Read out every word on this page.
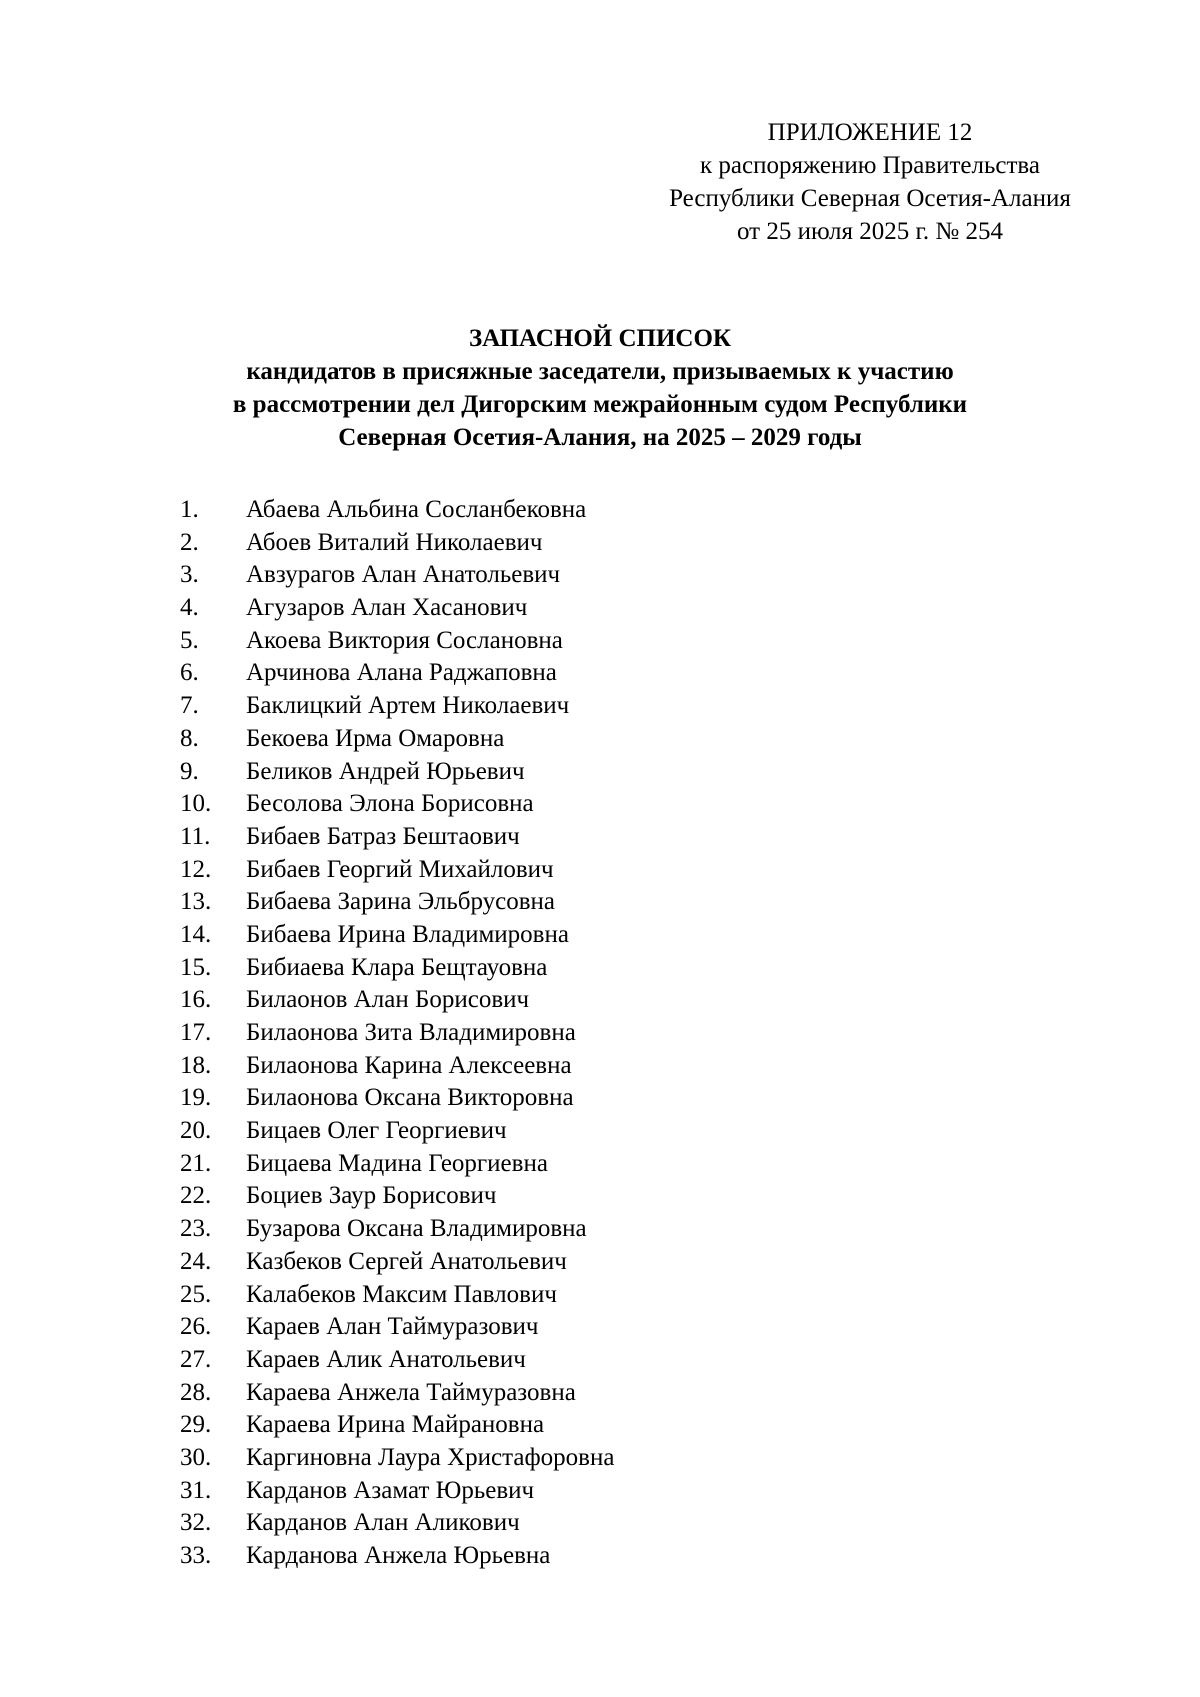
ПРИЛОЖЕНИЕ 12
к распоряжению Правительства
Республики Северная Осетия-Алания
от 25 июля 2025 г. № 254
ЗАПАСНОЙ СПИСОК
кандидатов в присяжные заседатели, призываемых к участию
в рассмотрении дел Дигорским межрайонным судом Республики
Северная Осетия-Алания, на 2025 – 2029 годы
1.	Абаева Альбина Сосланбековна
2.	Абоев Виталий Николаевич
3.	Авзурагов Алан Анатольевич
4.	Агузаров Алан Хасанович
5.	Акоева Виктория Сослановна
6.	Арчинова Алана Раджаповна
7.	Баклицкий Артем Николаевич
8.	Бекоева Ирма Омаровна
9.	Беликов Андрей Юрьевич
10.	Бесолова Элона Борисовна
11.	Бибаев Батраз Бештаович
12.	Бибаев Георгий Михайлович
13.	Бибаева Зарина Эльбрусовна
14.	Бибаева Ирина Владимировна
15.	Бибиаева Клара Бещтауовна
16.	Билаонов Алан Борисович
17.	Билаонова Зита Владимировна
18.	Билаонова Карина Алексеевна
19.	Билаонова Оксана Викторовна
20.	Бицаев Олег Георгиевич
21.	Бицаева Мадина Георгиевна
22.	Боциев Заур Борисович
23.	Бузарова Оксана Владимировна
24.	Казбеков Сергей Анатольевич
25.	Калабеков Максим Павлович
26.	Караев Алан Таймуразович
27.	Караев Алик Анатольевич
28.	Караева Анжела Таймуразовна
29.	Караева Ирина Майрановна
30.	Каргиновна Лаура Христафоровна
31.	Карданов Азамат Юрьевич
32.	Карданов Алан Аликович
33.	Карданова Анжела Юрьевна
